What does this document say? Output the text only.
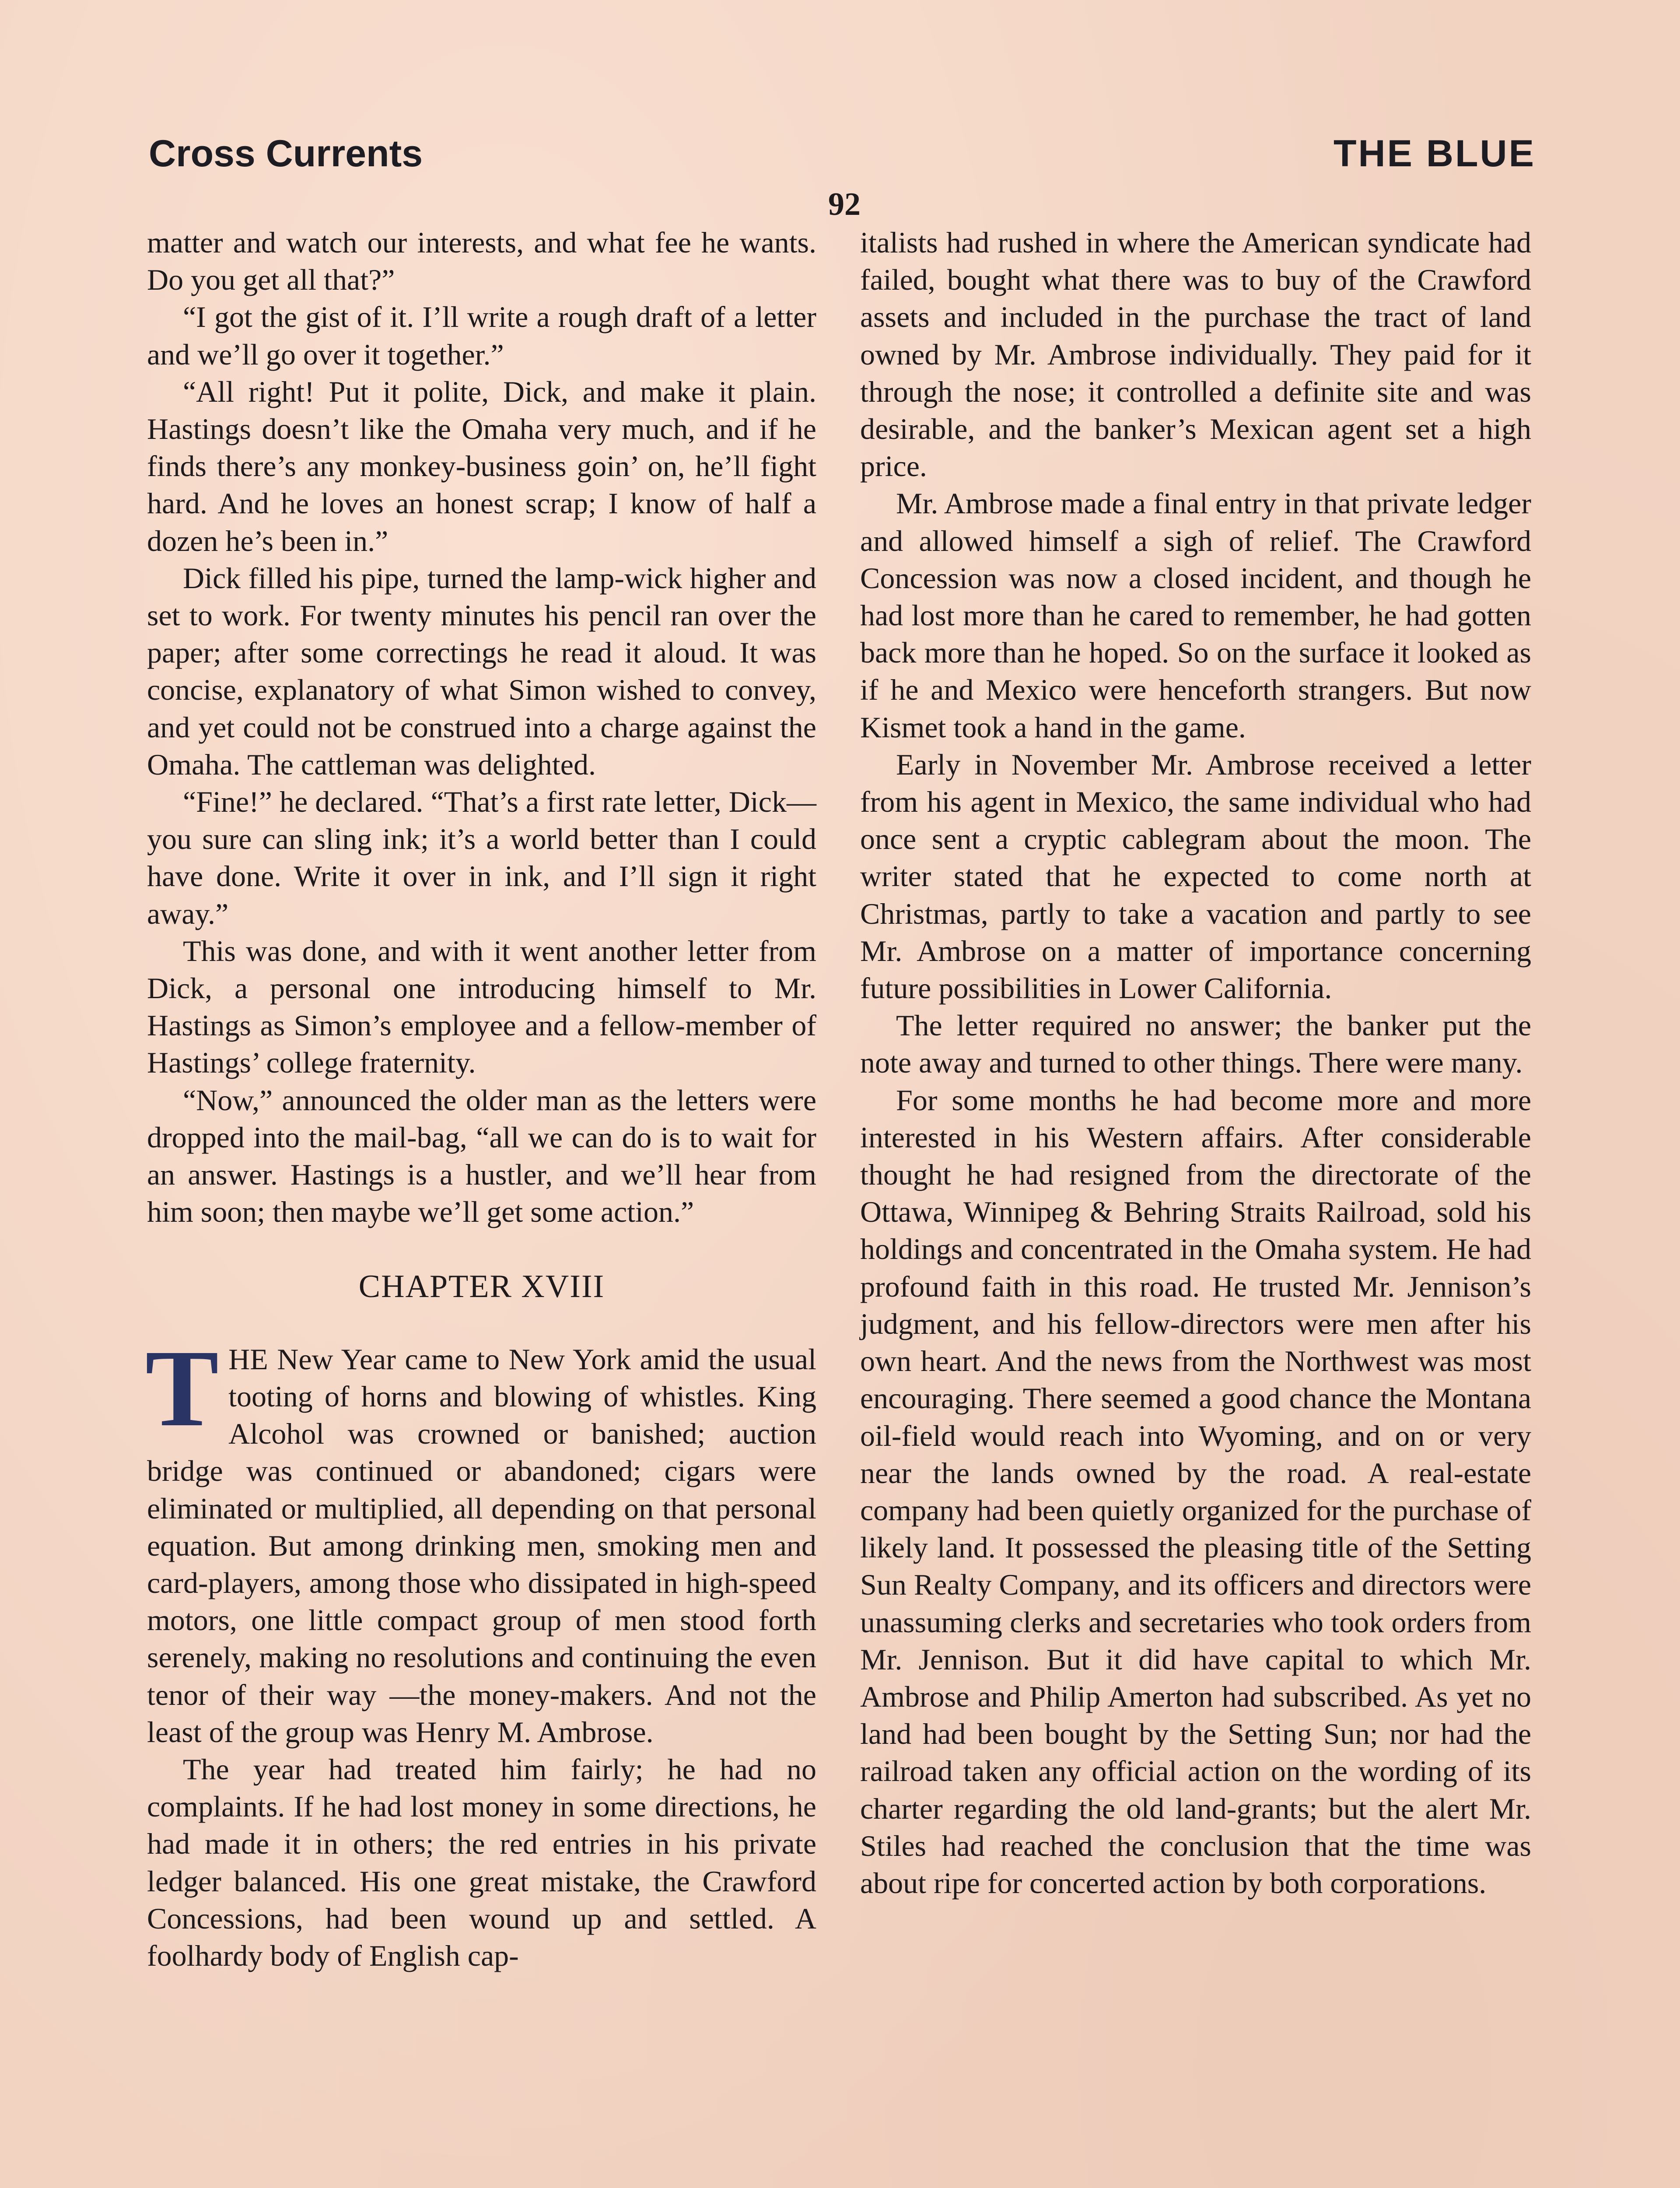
Cross Currents	THE BLUE
92

matter and watch our interests, and what fee he wants. Do you get all that?”

“I got the gist of it. I’ll write a rough draft of a letter and we’ll go over it together.”

“All right! Put it polite, Dick, and make it plain. Hastings doesn’t like the Omaha very much, and if he finds there’s any monkey-business goin’ on, he’ll fight hard. And he loves an honest scrap; I know of half a dozen he’s been in.”

Dick filled his pipe, turned the lamp-wick higher and set to work. For twenty minutes his pencil ran over the paper; after some correctings he read it aloud. It was concise, explanatory of what Simon wished to convey, and yet could not be construed into a charge against the Omaha. The cattleman was delighted.

“Fine!” he declared. “That’s a first rate letter, Dick—you sure can sling ink; it’s a world better than I could have done. Write it over in ink, and I’ll sign it right away.”

This was done, and with it went another letter from Dick, a personal one introducing himself to Mr. Hastings as Simon’s employee and a fellow-member of Hastings’ college fraternity.

“Now,” announced the older man as the letters were dropped into the mail-bag, “all we can do is to wait for an answer. Hastings is a hustler, and we’ll hear from him soon; then maybe we’ll get some action.”

CHAPTER XVIII

THE New Year came to New York amid the usual tooting of horns and blowing of whistles. King Alcohol was crowned or banished; auction bridge was continued or abandoned; cigars were eliminated or multiplied, all depending on that personal equation. But among drinking men, smoking men and card-players, among those who dissipated in high-speed motors, one little compact group of men stood forth serenely, making no resolutions and continuing the even tenor of their way —the money-makers. And not the least of the group was Henry M. Ambrose.

The year had treated him fairly; he had no complaints. If he had lost money in some directions, he had made it in others; the red entries in his private ledger balanced. His one great mistake, the Crawford Concessions, had been wound up and settled. A foolhardy body of English cap-

italists had rushed in where the American syndicate had failed, bought what there was to buy of the Crawford assets and included in the purchase the tract of land owned by Mr. Ambrose individually. They paid for it through the nose; it controlled a definite site and was desirable, and the banker’s Mexican agent set a high price.

Mr. Ambrose made a final entry in that private ledger and allowed himself a sigh of relief. The Crawford Concession was now a closed incident, and though he had lost more than he cared to remember, he had gotten back more than he hoped. So on the surface it looked as if he and Mexico were henceforth strangers. But now Kismet took a hand in the game.

Early in November Mr. Ambrose received a letter from his agent in Mexico, the same individual who had once sent a cryptic cablegram about the moon. The writer stated that he expected to come north at Christmas, partly to take a vacation and partly to see Mr. Ambrose on a matter of importance concerning future possibilities in Lower California.

The letter required no answer; the banker put the note away and turned to other things. There were many.

For some months he had become more and more interested in his Western affairs. After considerable thought he had resigned from the directorate of the Ottawa, Winnipeg & Behring Straits Railroad, sold his holdings and concentrated in the Omaha system. He had profound faith in this road. He trusted Mr. Jennison’s judgment, and his fellow-directors were men after his own heart. And the news from the Northwest was most encouraging. There seemed a good chance the Montana oil-field would reach into Wyoming, and on or very near the lands owned by the road. A real-estate company had been quietly organized for the purchase of likely land. It possessed the pleasing title of the Setting Sun Realty Company, and its officers and directors were unassuming clerks and secretaries who took orders from Mr. Jennison. But it did have capital to which Mr. Ambrose and Philip Amerton had subscribed. As yet no land had been bought by the Setting Sun; nor had the railroad taken any official action on the wording of its charter regarding the old land-grants; but the alert Mr. Stiles had reached the conclusion that the time was about ripe for concerted action by both corporations.
